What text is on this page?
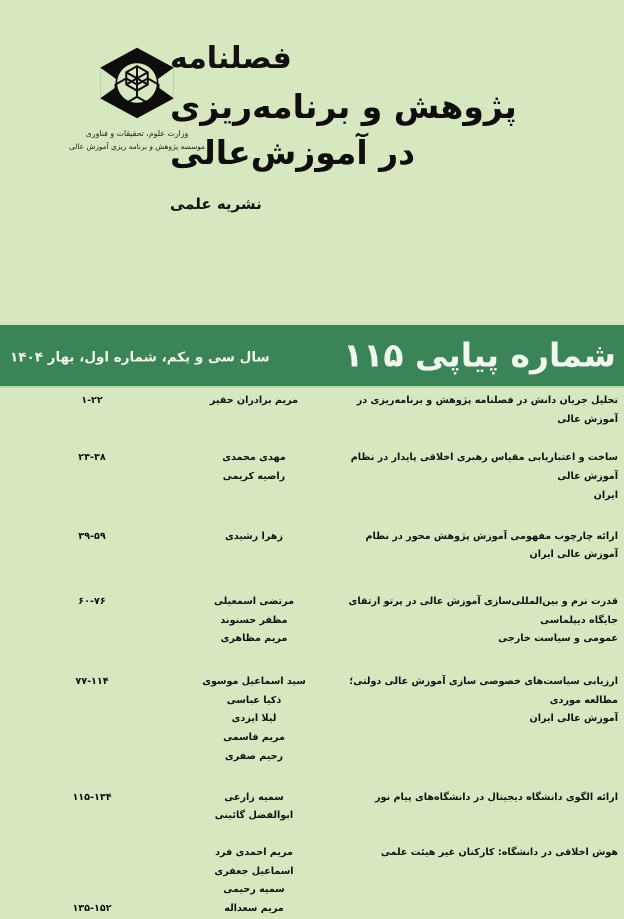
وزارت علوم، تحقیقات و فناوری
موسسه پژوهش و برنامه ریزی آموزش عالی
فصلنامه
پژوهش و برنامه‌ریزی
در آموزش‌عالی
نشریه علمی
شماره پیاپی ۱۱۵
سال سی و یکم، شماره اول، بهار ۱۴۰۴
تحلیل جریان دانش در فصلنامه پژوهش و برنامه‌ریزی در آموزش عالی
مریم برادران حقیر
۱-۲۲
ساخت و اعتباریابی مقیاس رهبری اخلاقی پایدار در نظام آموزش عالی
ایران
مهدی محمدی
راضیه کریمی
۲۳-۳۸
ارائه چارچوب مفهومی آموزش پژوهش محور در نظام آموزش عالی ایران
زهرا رشیدی
۳۹-۵۹
قدرت نرم و بین‌المللی‌سازی آموزش عالی در پرتو ارتقای جایگاه دیپلماسی
عمومی و سیاست خارجی
مرتضی اسمعیلی
مظفر حسنوند
مریم مظاهری
۶۰-۷۶
ارزیابی سیاست‌های خصوصی سازی آموزش عالی دولتی؛ مطالعه موردی
آموزش عالی ایران
سید اسماعیل موسوی
ذکیا عباسی
لیلا ایزدی
مریم قاسمی
رحیم صفری
۷۷-۱۱۴
ارائه الگوی دانشگاه دیجیتال در دانشگاه‌های پیام نور
سمیه زارعی
ابوالفضل گائینی
۱۱۵-۱۳۴
هوش اخلاقی در دانشگاه: کارکنان غیر هیئت علمی
مریم احمدی فرد
اسماعیل جعفری
سمیه رحیمی
مریم سعداله
۱۳۵-۱۵۲
